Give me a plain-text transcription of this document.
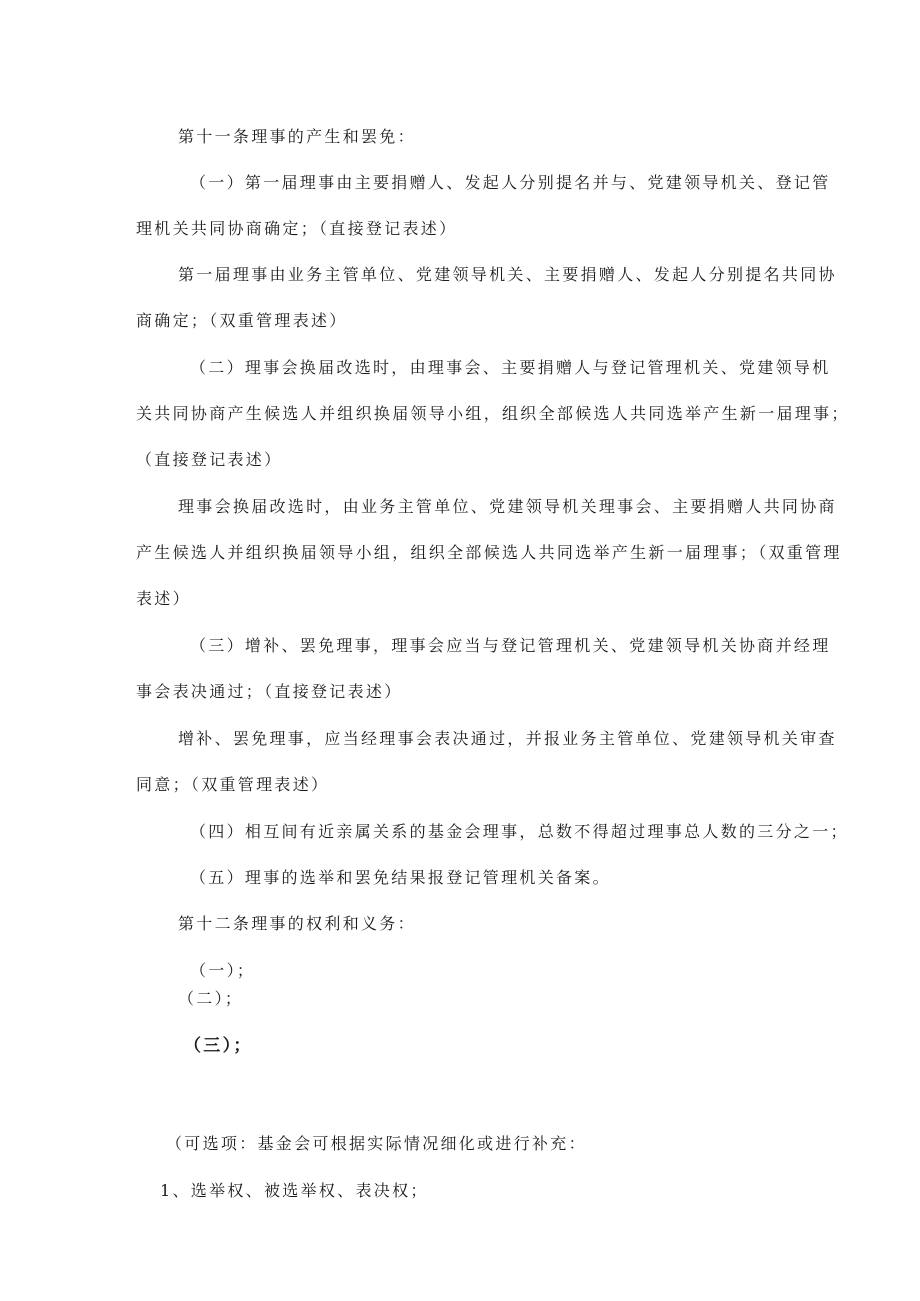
第十一条理事的产生和罢免：
（一）第一届理事由主要捐赠人、发起人分别提名并与、党建领导机关、登记管
理机关共同协商确定；（直接登记表述）
第一届理事由业务主管单位、党建领导机关、主要捐赠人、发起人分别提名共同协
商确定；（双重管理表述）
（二）理事会换届改选时，由理事会、主要捐赠人与登记管理机关、党建领导机
关共同协商产生候选人并组织换届领导小组，组织全部候选人共同选举产生新一届理事；
（直接登记表述）
理事会换届改选时，由业务主管单位、党建领导机关理事会、主要捐赠人共同协商
产生候选人并组织换届领导小组，组织全部候选人共同选举产生新一届理事；（双重管理
表述）
（三）增补、罢免理事，理事会应当与登记管理机关、党建领导机关协商并经理
事会表决通过；（直接登记表述）
增补、罢免理事，应当经理事会表决通过，并报业务主管单位、党建领导机关审查
同意；（双重管理表述）
（四）相互间有近亲属关系的基金会理事，总数不得超过理事总人数的三分之一；
（五）理事的选举和罢免结果报登记管理机关备案。
第十二条理事的权利和义务：
（一）；
（二）；
（三）；
（可选项：基金会可根据实际情况细化或进行补充：
1、选举权、被选举权、表决权；
